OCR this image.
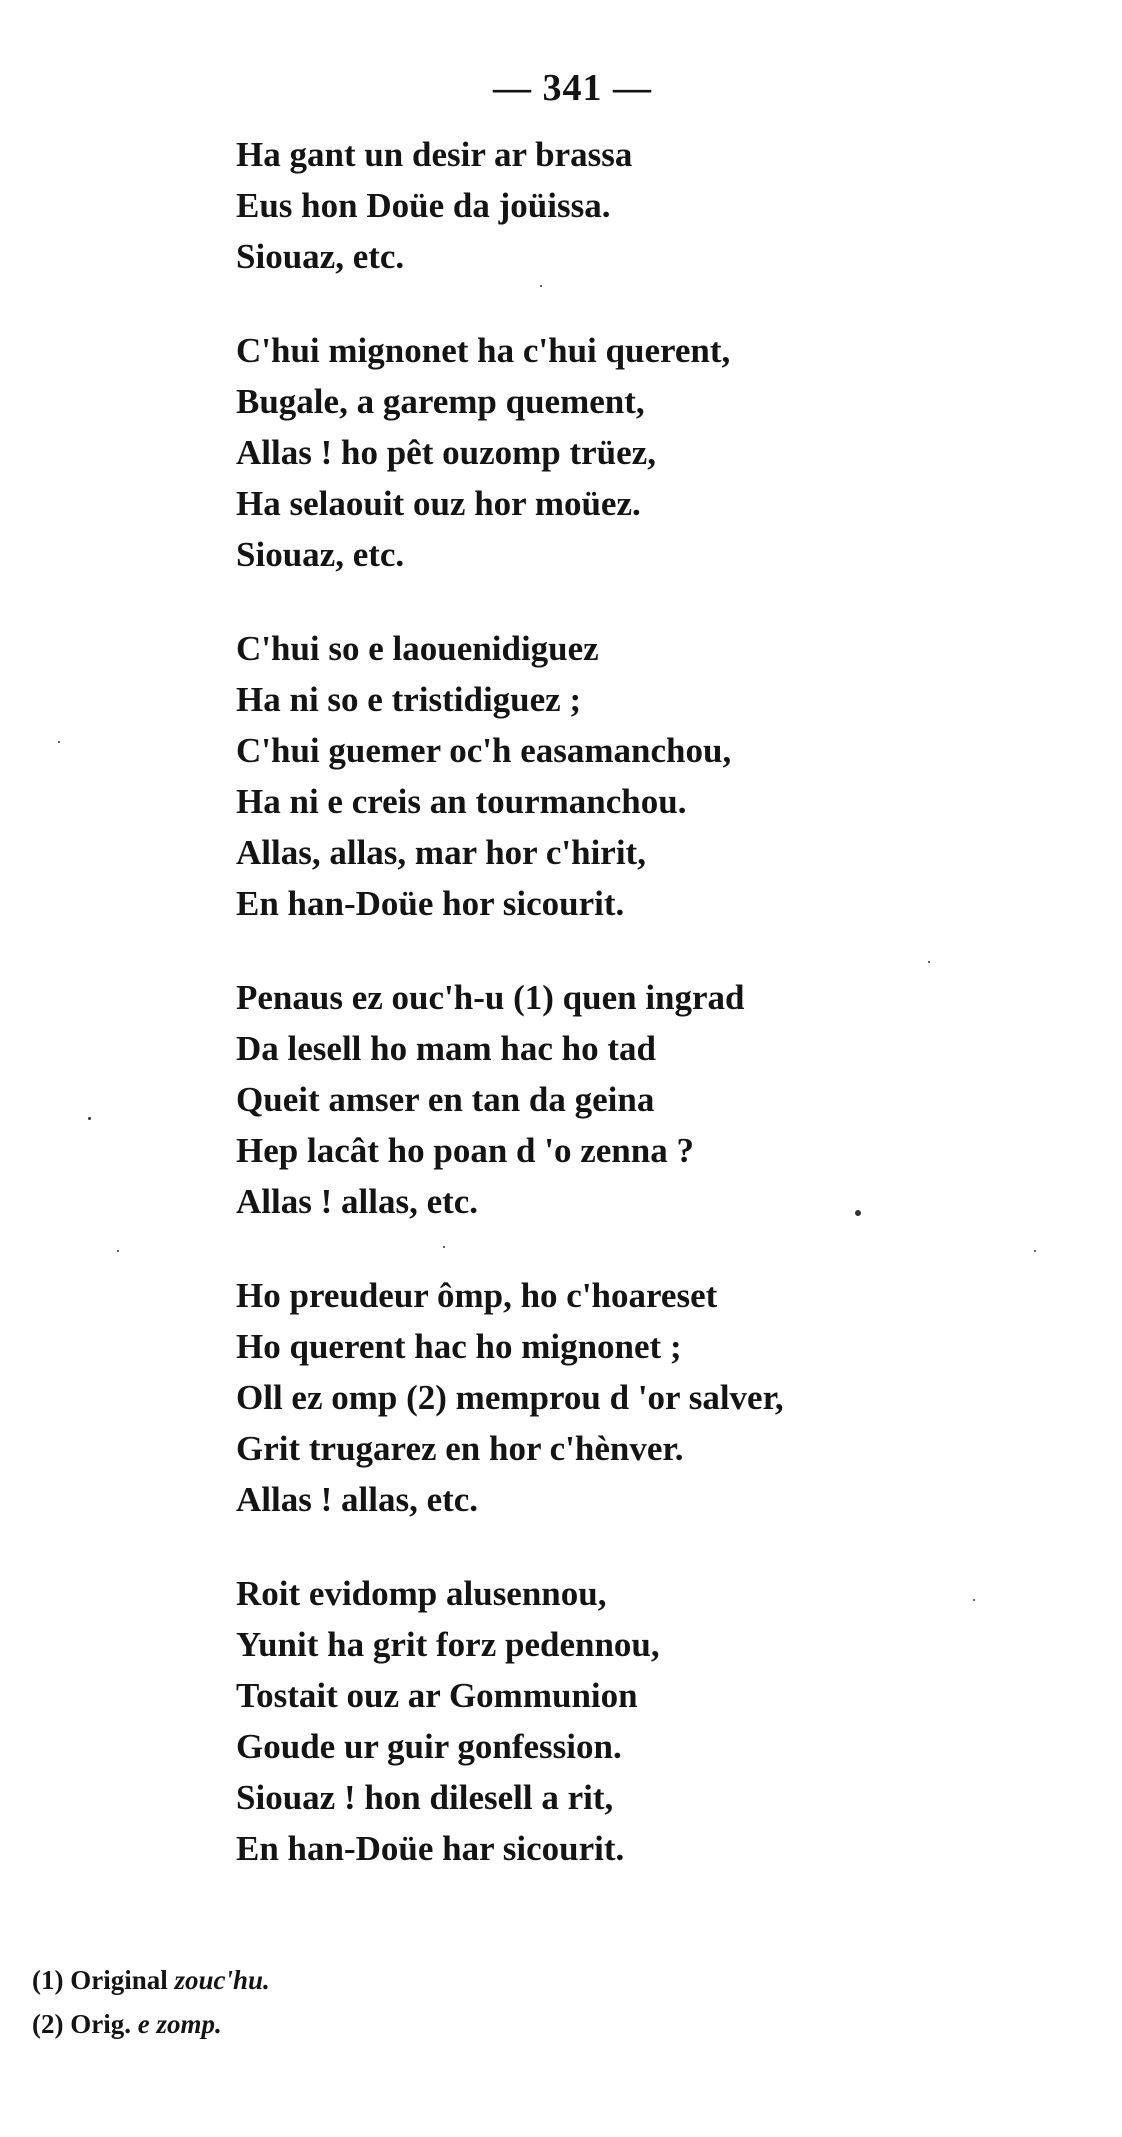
— 341 —
Ha gant un desir ar brassa
Eus hon Doüe da joüissa.
Siouaz, etc.
C'hui mignonet ha c'hui querent,
Bugale, a garemp quement,
Allas ! ho pêt ouzomp trüez,
Ha selaouit ouz hor moüez.
Siouaz, etc.
C'hui so e laouenidiguez
Ha ni so e tristidiguez ;
C'hui guemer oc'h easamanchou,
Ha ni e creis an tourmanchou.
Allas, allas, mar hor c'hirit,
En han-Doüe hor sicourit.
Penaus ez ouc'h-u (1) quen ingrad
Da lesell ho mam hac ho tad
Queit amser en tan da geina
Hep lacât ho poan d 'o zenna ?
Allas ! allas, etc.
Ho preudeur ômp, ho c'hoareset
Ho querent hac ho mignonet ;
Oll ez omp (2) memprou d 'or salver,
Grit trugarez en hor c'hènver.
Allas ! allas, etc.
Roit evidomp alusennou,
Yunit ha grit forz pedennou,
Tostait ouz ar Gommunion
Goude ur guir gonfession.
Siouaz ! hon dilesell a rit,
En han-Doüe har sicourit.
(1) Original zouc'hu.
(2) Orig. e zomp.
